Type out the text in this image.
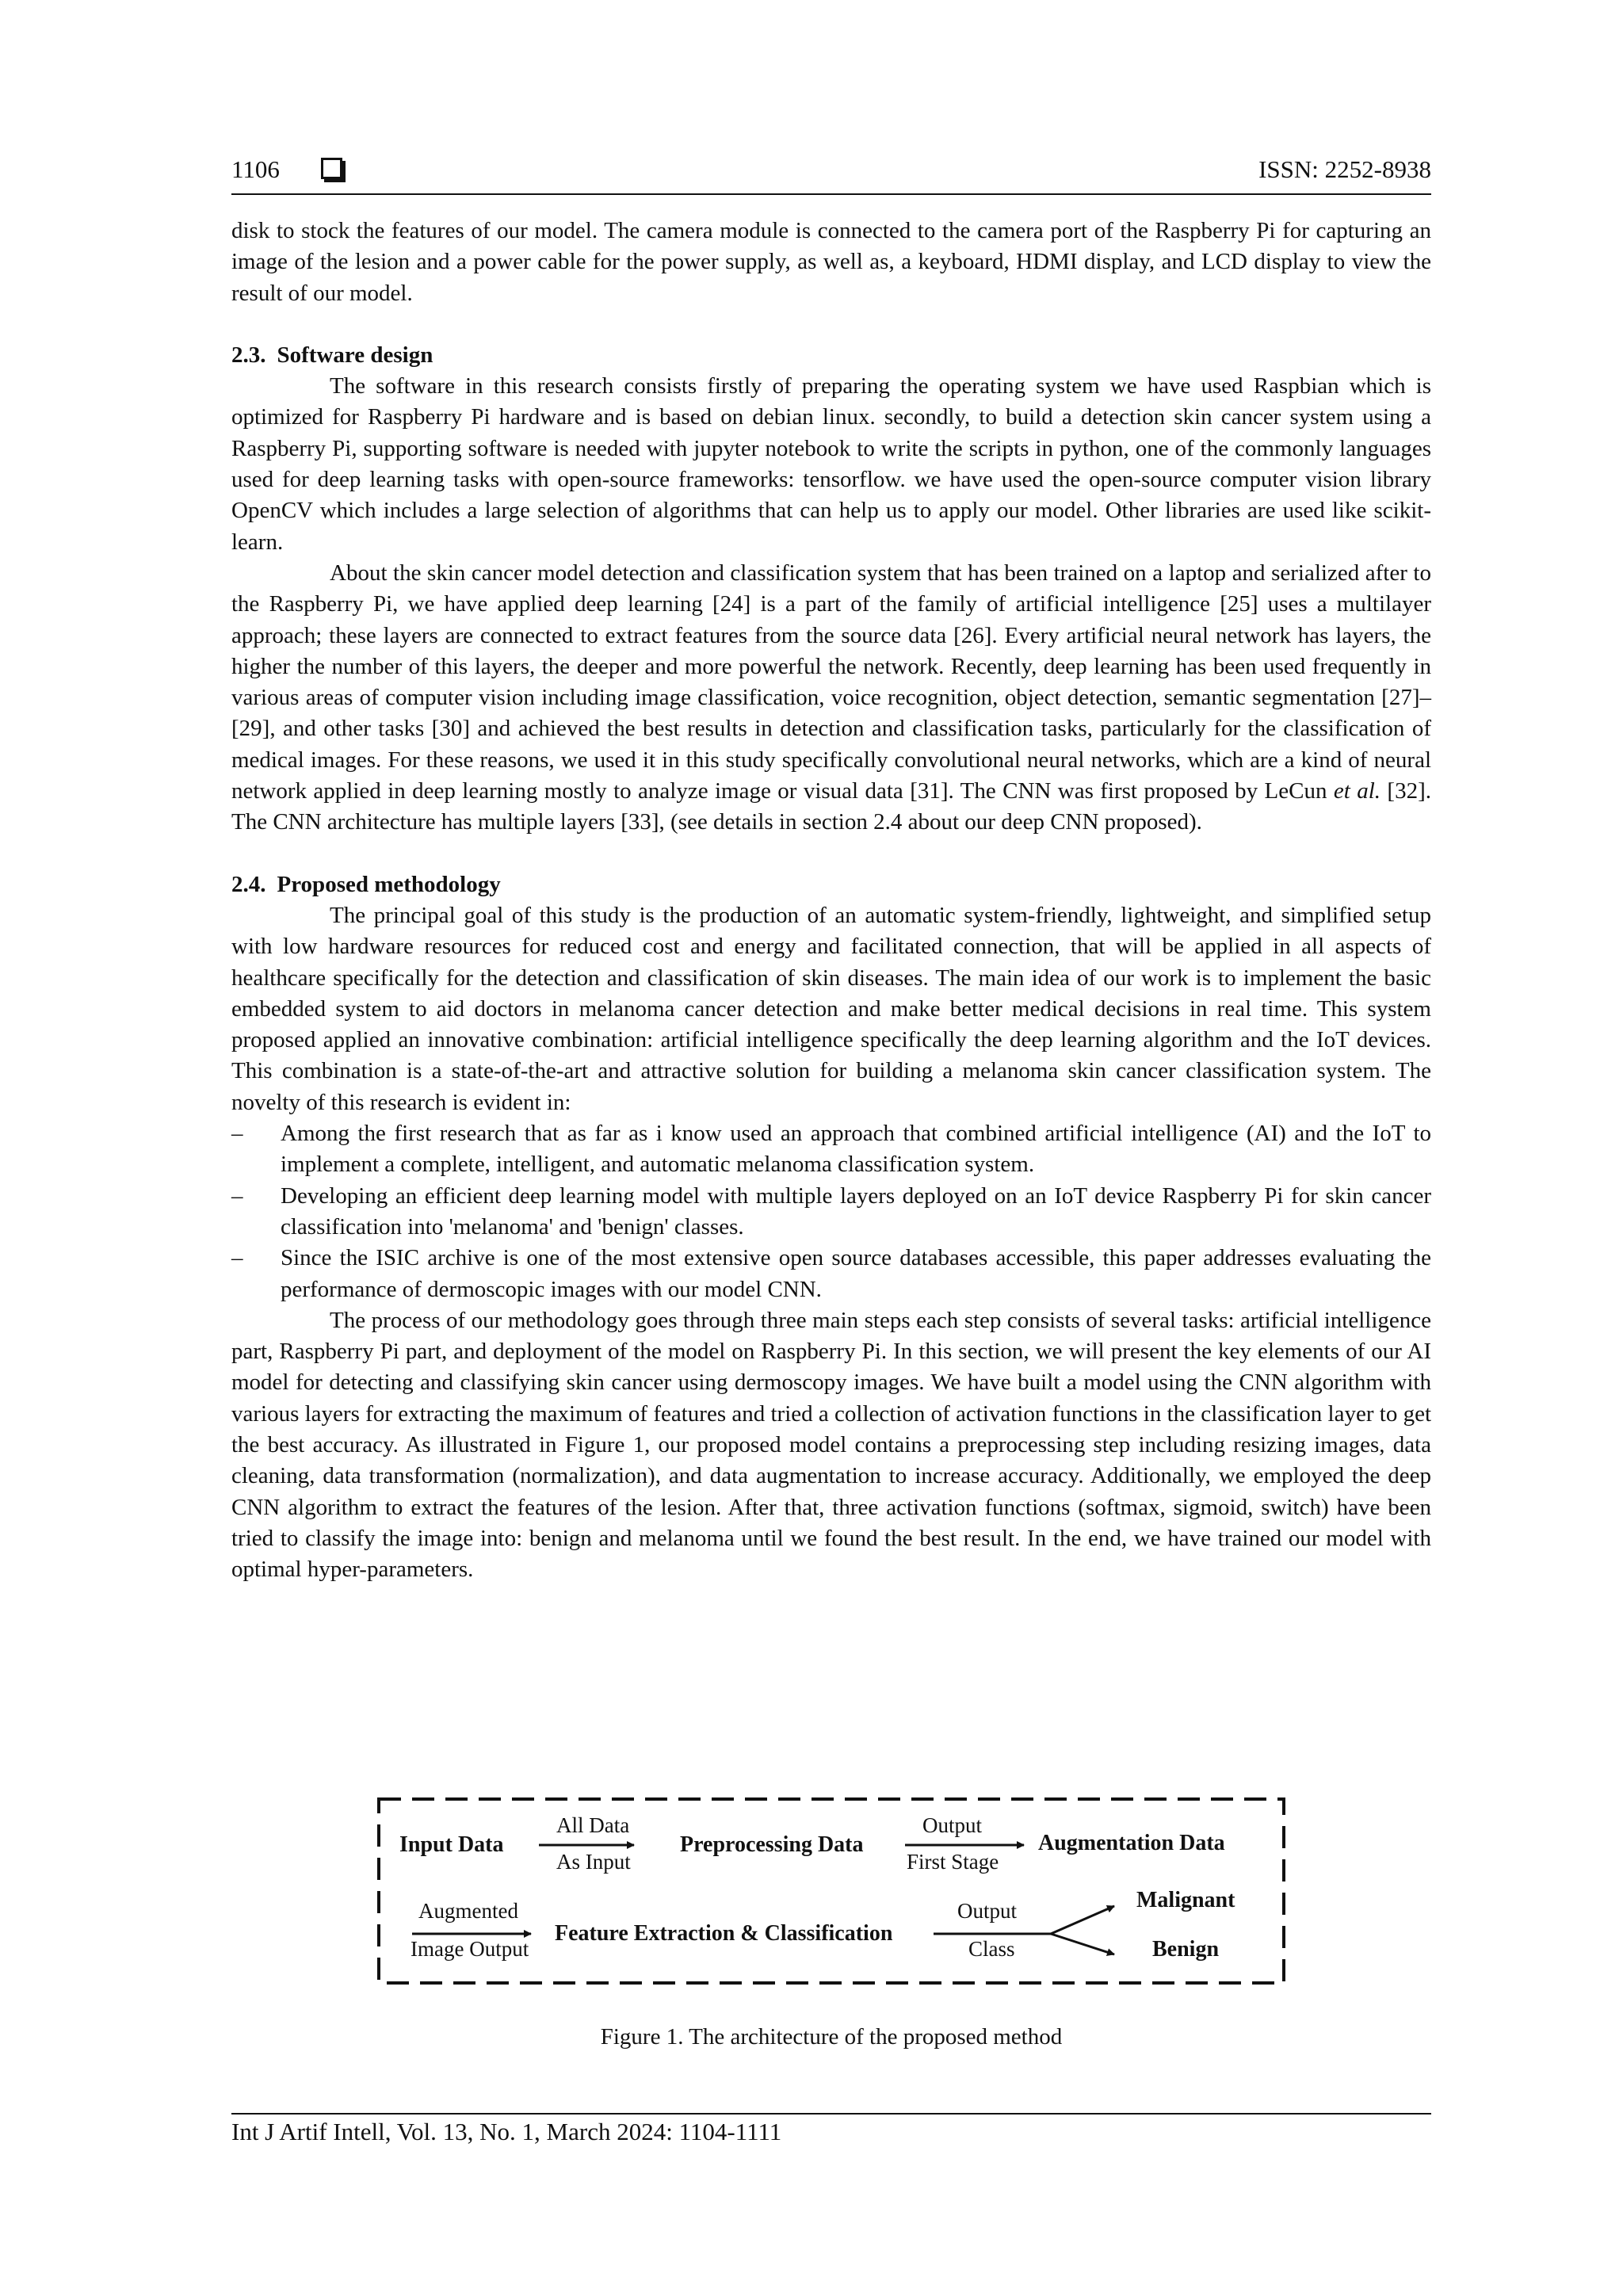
1106	ISSN: 2252-8938

disk to stock the features of our model. The camera module is connected to the camera port of the Raspberry Pi for capturing an image of the lesion and a power cable for the power supply, as well as, a keyboard, HDMI display, and LCD display to view the result of our model.

2.3. Software design

The software in this research consists firstly of preparing the operating system we have used Raspbian which is optimized for Raspberry Pi hardware and is based on debian linux. secondly, to build a detection skin cancer system using a Raspberry Pi, supporting software is needed with jupyter notebook to write the scripts in python, one of the commonly languages used for deep learning tasks with open-source frameworks: tensorflow. we have used the open-source computer vision library OpenCV which includes a large selection of algorithms that can help us to apply our model. Other libraries are used like scikit-learn.

About the skin cancer model detection and classification system that has been trained on a laptop and serialized after to the Raspberry Pi, we have applied deep learning [24] is a part of the family of artificial intelligence [25] uses a multilayer approach; these layers are connected to extract features from the source data [26]. Every artificial neural network has layers, the higher the number of this layers, the deeper and more powerful the network. Recently, deep learning has been used frequently in various areas of computer vision including image classification, voice recognition, object detection, semantic segmentation [27]–[29], and other tasks [30] and achieved the best results in detection and classification tasks, particularly for the classification of medical images. For these reasons, we used it in this study specifically convolutional neural networks, which are a kind of neural network applied in deep learning mostly to analyze image or visual data [31]. The CNN was first proposed by LeCun et al. [32]. The CNN architecture has multiple layers [33], (see details in section 2.4 about our deep CNN proposed).

2.4. Proposed methodology

The principal goal of this study is the production of an automatic system-friendly, lightweight, and simplified setup with low hardware resources for reduced cost and energy and facilitated connection, that will be applied in all aspects of healthcare specifically for the detection and classification of skin diseases. The main idea of our work is to implement the basic embedded system to aid doctors in melanoma cancer detection and make better medical decisions in real time. This system proposed applied an innovative combination: artificial intelligence specifically the deep learning algorithm and the IoT devices. This combination is a state-of-the-art and attractive solution for building a melanoma skin cancer classification system. The novelty of this research is evident in:

– Among the first research that as far as i know used an approach that combined artificial intelligence (AI) and the IoT to implement a complete, intelligent, and automatic melanoma classification system.
– Developing an efficient deep learning model with multiple layers deployed on an IoT device Raspberry Pi for skin cancer classification into 'melanoma' and 'benign' classes.
– Since the ISIC archive is one of the most extensive open source databases accessible, this paper addresses evaluating the performance of dermoscopic images with our model CNN.

The process of our methodology goes through three main steps each step consists of several tasks: artificial intelligence part, Raspberry Pi part, and deployment of the model on Raspberry Pi. In this section, we will present the key elements of our AI model for detecting and classifying skin cancer using dermoscopy images. We have built a model using the CNN algorithm with various layers for extracting the maximum of features and tried a collection of activation functions in the classification layer to get the best accuracy. As illustrated in Figure 1, our proposed model contains a preprocessing step including resizing images, data cleaning, data transformation (normalization), and data augmentation to increase accuracy. Additionally, we employed the deep CNN algorithm to extract the features of the lesion. After that, three activation functions (softmax, sigmoid, switch) have been tried to classify the image into: benign and melanoma until we found the best result. In the end, we have trained our model with optimal hyper-parameters.

Input Data
All Data
As Input
Preprocessing Data
Output
First Stage
Augmentation Data
Augmented
Image Output
Feature Extraction & Classification
Output
Class
Malignant
Benign
Figure 1. The architecture of the proposed method
Int J Artif Intell, Vol. 13, No. 1, March 2024: 1104-1111
